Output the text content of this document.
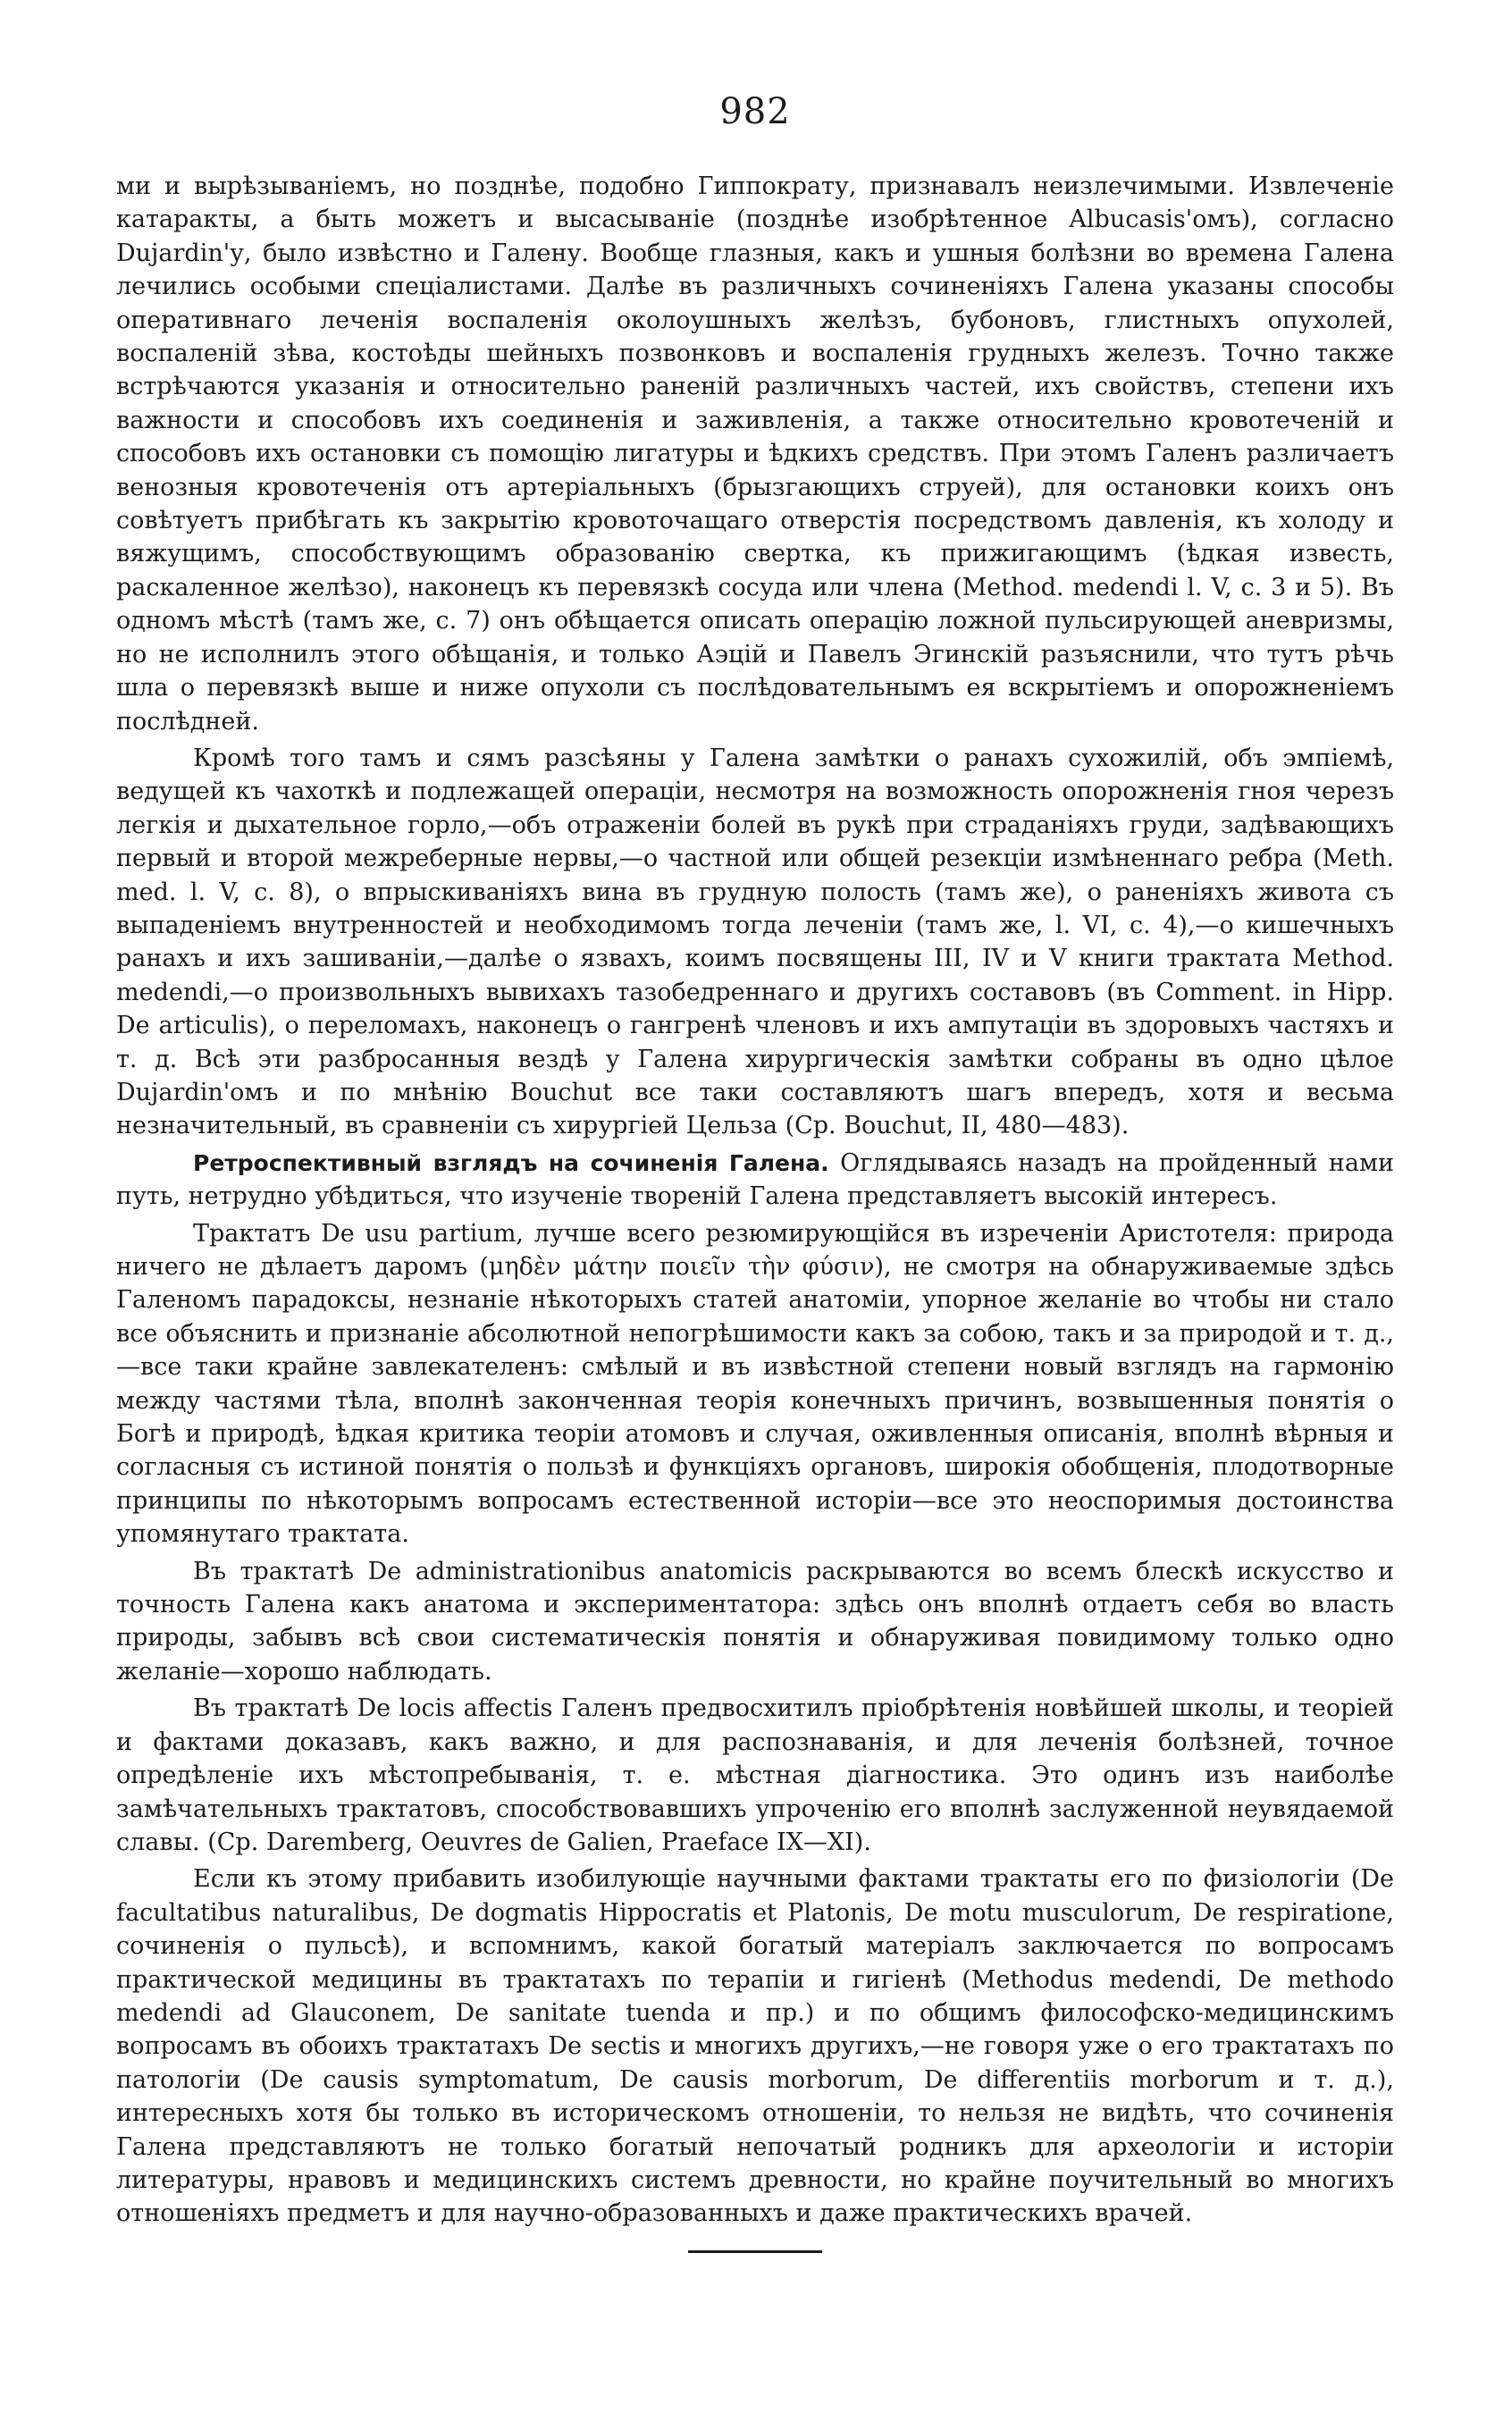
982

ми и вырѣзываніемъ, но позднѣе, подобно Гиппократу, признавалъ неизлечимыми. Извлеченіе катаракты, а быть можетъ и высасываніе (позднѣе изобрѣтенное Albucasis'омъ), согласно Dujardin'у, было извѣстно и Галену. Вообще глазныя, какъ и ушныя болѣзни во времена Галена лечились особыми спеціалистами. Далѣе въ различныхъ сочиненіяхъ Галена указаны способы оперативнаго леченія воспаленія околоушныхъ желѣзъ, бубоновъ, глистныхъ опухолей, воспаленій зѣва, костоѣды шейныхъ позвонковъ и воспаленія грудныхъ железъ. Точно также встрѣчаются указанія и относительно раненій различныхъ частей, ихъ свойствъ, степени ихъ важности и способовъ ихъ соединенія и заживленія, а также относительно кровотеченій и способовъ ихъ остановки съ помощію лигатуры и ѣдкихъ средствъ. При этомъ Галенъ различаетъ венозныя кровотеченія отъ артеріальныхъ (брызгающихъ струей), для остановки коихъ онъ совѣтуетъ прибѣгать къ закрытію кровоточащаго отверстія посредствомъ давленія, къ холоду и вяжущимъ, способствующимъ образованію свертка, къ прижигающимъ (ѣдкая известь, раскаленное желѣзо), наконецъ къ перевязкѣ сосуда или члена (Method. medendi l. V, c. 3 и 5). Въ одномъ мѣстѣ (тамъ же, c. 7) онъ обѣщается описать операцію ложной пульсирующей аневризмы, но не исполнилъ этого обѣщанія, и только Аэцій и Павелъ Эгинскій разъяснили, что тутъ рѣчь шла о перевязкѣ выше и ниже опухоли съ послѣдовательнымъ ея вскрытіемъ и опорожненіемъ послѣдней.

Кромѣ того тамъ и сямъ разсѣяны у Галена замѣтки о ранахъ сухожилій, объ эмпіемѣ, ведущей къ чахоткѣ и подлежащей операціи, несмотря на возможность опорожненія гноя черезъ легкія и дыхательное горло,—объ отраженіи болей въ рукѣ при страданіяхъ груди, задѣвающихъ первый и второй межреберные нервы,—о частной или общей резекціи измѣненнаго ребра (Meth. med. l. V, c. 8), о впрыскиваніяхъ вина въ грудную полость (тамъ же), о раненіяхъ живота съ выпаденіемъ внутренностей и необходимомъ тогда леченіи (тамъ же, l. VI, c. 4),—о кишечныхъ ранахъ и ихъ зашиваніи,—далѣе о язвахъ, коимъ посвящены III, IV и V книги трактата Method. medendi,—о произвольныхъ вывихахъ тазобедреннаго и другихъ составовъ (въ Comment. in Hipp. De articulis), о переломахъ, наконецъ о гангренѣ членовъ и ихъ ампутаціи въ здоровыхъ частяхъ и т. д. Всѣ эти разбросанныя вездѣ у Галена хирургическія замѣтки собраны въ одно цѣлое Dujardin'омъ и по мнѣнію Bouchut все таки составляютъ шагъ впередъ, хотя и весьма незначительный, въ сравненіи съ хирургіей Цельза (Ср. Bouchut, II, 480—483).

Ретроспективный взглядъ на сочиненія Галена. Оглядываясь назадъ на пройденный нами путь, нетрудно убѣдиться, что изученіе твореній Галена представляетъ высокій интересъ.

Трактатъ De usu partium, лучше всего резюмирующійся въ изреченіи Аристотеля: природа ничего не дѣлаетъ даромъ (μηδὲν μάτην ποιεῖν τὴν φύσιν), не смотря на обнаруживаемые здѣсь Галеномъ парадоксы, незнаніе нѣкоторыхъ статей анатоміи, упорное желаніе во чтобы ни стало все объяснить и признаніе абсолютной непогрѣшимости какъ за собою, такъ и за природой и т. д.,—все таки крайне завлекателенъ: смѣлый и въ извѣстной степени новый взглядъ на гармонію между частями тѣла, вполнѣ законченная теорія конечныхъ причинъ, возвышенныя понятія о Богѣ и природѣ, ѣдкая критика теоріи атомовъ и случая, оживленныя описанія, вполнѣ вѣрныя и согласныя съ истиной понятія о пользѣ и функціяхъ органовъ, широкія обобщенія, плодотворные принципы по нѣкоторымъ вопросамъ естественной исторіи—все это неоспоримыя достоинства упомянутаго трактата.

Въ трактатѣ De administrationibus anatomicis раскрываются во всемъ блескѣ искусство и точность Галена какъ анатома и экспериментатора: здѣсь онъ вполнѣ отдаетъ себя во власть природы, забывъ всѣ свои систематическія понятія и обнаруживая повидимому только одно желаніе—хорошо наблюдать.

Въ трактатѣ De locis affectis Галенъ предвосхитилъ пріобрѣтенія новѣйшей школы, и теоріей и фактами доказавъ, какъ важно, и для распознаванія, и для леченія болѣзней, точное опредѣленіе ихъ мѣстопребыванія, т. е. мѣстная діагностика. Это одинъ изъ наиболѣе замѣчательныхъ трактатовъ, способствовавшихъ упроченію его вполнѣ заслуженной неувядаемой славы. (Ср. Daremberg, Oeuvres de Galien, Praeface IX—XI).

Если къ этому прибавить изобилующіе научными фактами трактаты его по физіологіи (De facultatibus naturalibus, De dogmatis Hippocratis et Platonis, De motu musculorum, De respiratione, сочиненія о пульсѣ), и вспомнимъ, какой богатый матеріалъ заключается по вопросамъ практической медицины въ трактатахъ по терапіи и гигіенѣ (Methodus medendi, De methodo medendi ad Glauconem, De sanitate tuenda и пр.) и по общимъ философско-медицинскимъ вопросамъ въ обоихъ трактатахъ De sectis и многихъ другихъ,—не говоря уже о его трактатахъ по патологіи (De causis symptomatum, De causis morborum, De differentiis morborum и т. д.), интересныхъ хотя бы только въ историческомъ отношеніи, то нельзя не видѣть, что сочиненія Галена представляютъ не только богатый непочатый родникъ для археологіи и исторіи литературы, нравовъ и медицинскихъ системъ древности, но крайне поучительный во многихъ отношеніяхъ предметъ и для научно-образованныхъ и даже практическихъ врачей.
